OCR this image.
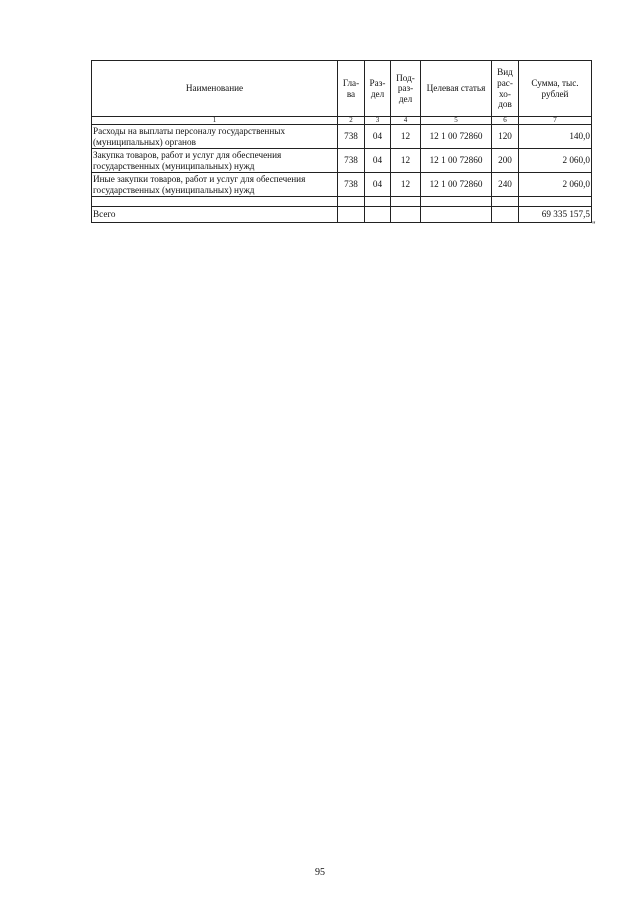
Наименование	Гла-ва	Раз-дел	Под-раз-дел	Целевая статья	Вид рас-хо-дов	Сумма, тыс. рублей
1	2	3	4	5	6	7
Расходы на выплаты персоналу государственных (муниципальных) органов	738	04	12	12 1 00 72860	120	140,0
Закупка товаров, работ и услуг для обеспечения государственных (муниципальных) нужд	738	04	12	12 1 00 72860	200	2 060,0
Иные закупки товаров, работ и услуг для обеспечения государственных (муниципальных) нужд	738	04	12	12 1 00 72860	240	2 060,0

Всего						69 335 157,5
"
95
